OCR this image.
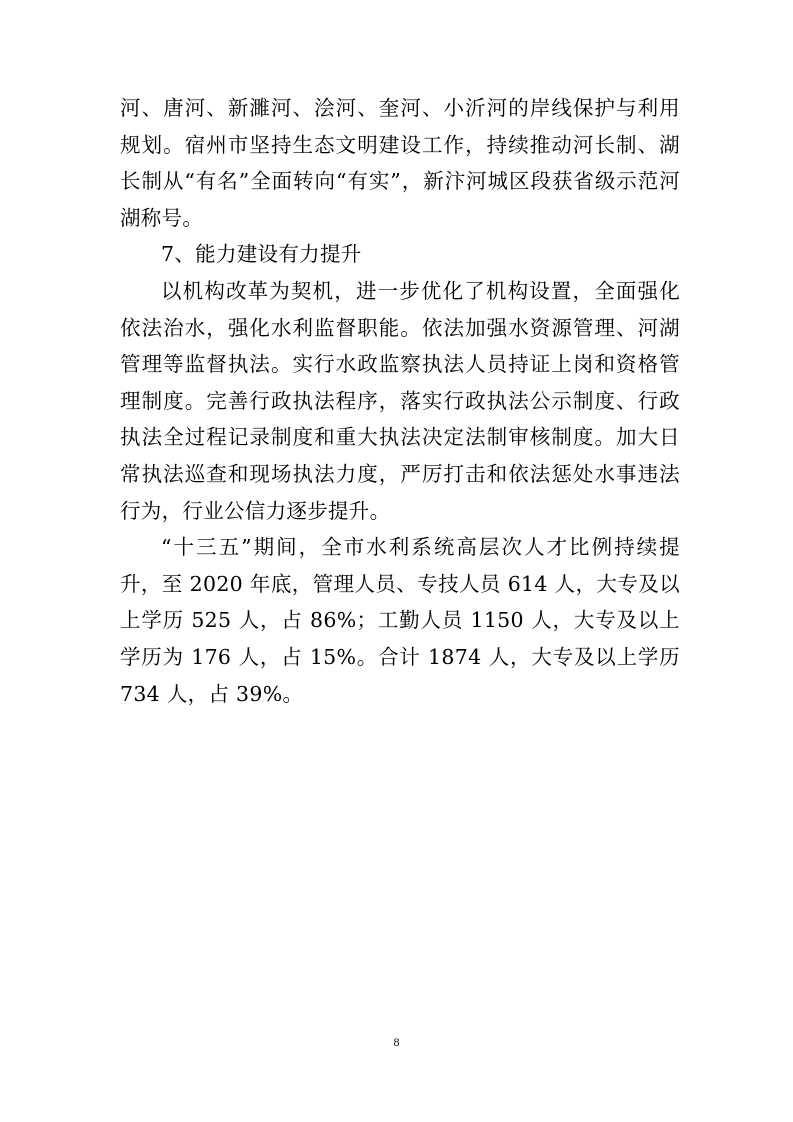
河、唐河、新濉河、浍河、奎河、小沂河的岸线保护与利用规划。宿州市坚持生态文明建设工作，持续推动河长制、湖长制从“有名”全面转向“有实”，新汴河城区段获省级示范河湖称号。

7、能力建设有力提升

以机构改革为契机，进一步优化了机构设置，全面强化依法治水，强化水利监督职能。依法加强水资源管理、河湖管理等监督执法。实行水政监察执法人员持证上岗和资格管理制度。完善行政执法程序，落实行政执法公示制度、行政执法全过程记录制度和重大执法决定法制审核制度。加大日常执法巡查和现场执法力度，严厉打击和依法惩处水事违法行为，行业公信力逐步提升。

“十三五”期间，全市水利系统高层次人才比例持续提升，至 2020 年底，管理人员、专技人员 614 人，大专及以上学历 525 人，占 86%；工勤人员 1150 人，大专及以上学历为 176 人，占 15%。合计 1874 人，大专及以上学历 734 人，占 39%。

8
